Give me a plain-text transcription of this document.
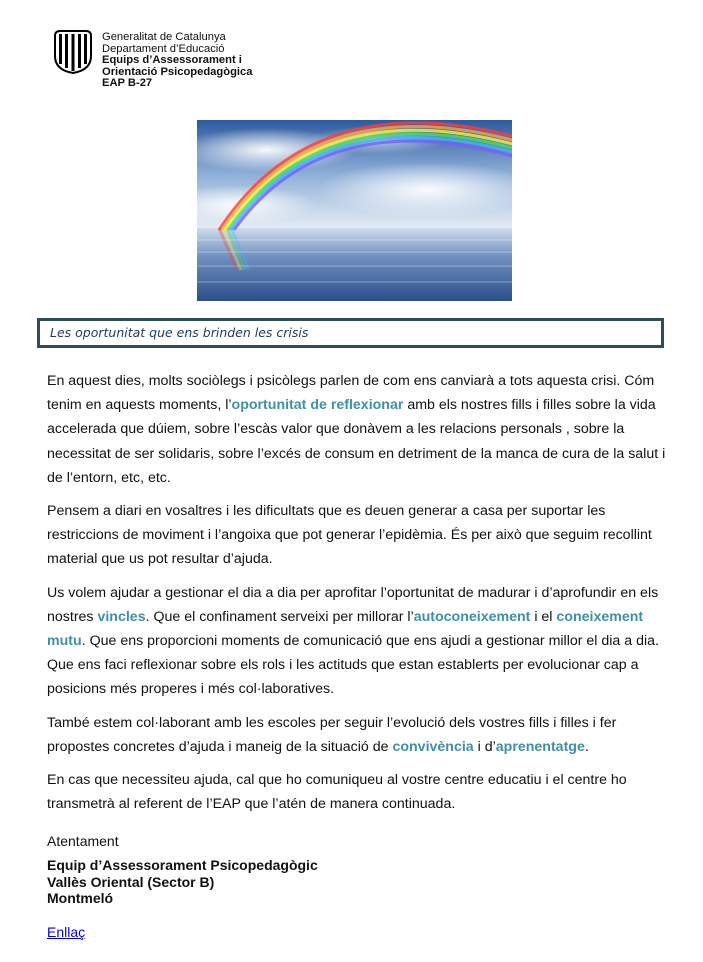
Generalitat de Catalunya
Departament d’Educació
Equips d’Assessorament i
Orientació Psicopedagògica
EAP B-27
Les oportunitat que ens brinden les crisis

En aquest dies, molts sociòlegs i psicòlegs parlen de com ens canviarà a tots aquesta crisi. Cóm tenim en aquests moments, l’oportunitat de reflexionar amb els nostres fills i filles sobre la vida accelerada que dúiem, sobre l’escàs valor que donàvem a les relacions personals , sobre la necessitat de ser solidaris, sobre l’excés de consum en detriment de la manca de cura de la salut i de l’entorn, etc, etc.

Pensem a diari en vosaltres i les dificultats que es deuen generar a casa per suportar les restriccions de moviment i l’angoixa que pot generar l’epidèmia. És per això que seguim recollint material que us pot resultar d’ajuda.

Us volem ajudar a gestionar el dia a dia per aprofitar l’oportunitat de madurar i d’aprofundir en els nostres vincles. Que el confinament serveixi per millorar l’autoconeixement i el coneixement mutu. Que ens proporcioni moments de comunicació que ens ajudi a gestionar millor el dia a dia. Que ens faci reflexionar sobre els rols i les actituds que estan establerts per evolucionar cap a posicions més properes i més col·laboratives.

També estem col·laborant amb les escoles per seguir l’evolució dels vostres fills i filles i fer propostes concretes d’ajuda i maneig de la situació de convivència i d’aprenentatge.

En cas que necessiteu ajuda, cal que ho comuniqueu al vostre centre educatiu i el centre ho transmetrà al referent de l’EAP que l’atén de manera continuada.

Atentament
Equip d’Assessorament Psicopedagògic
Vallès Oriental (Sector B)
Montmeló
Enllaç
